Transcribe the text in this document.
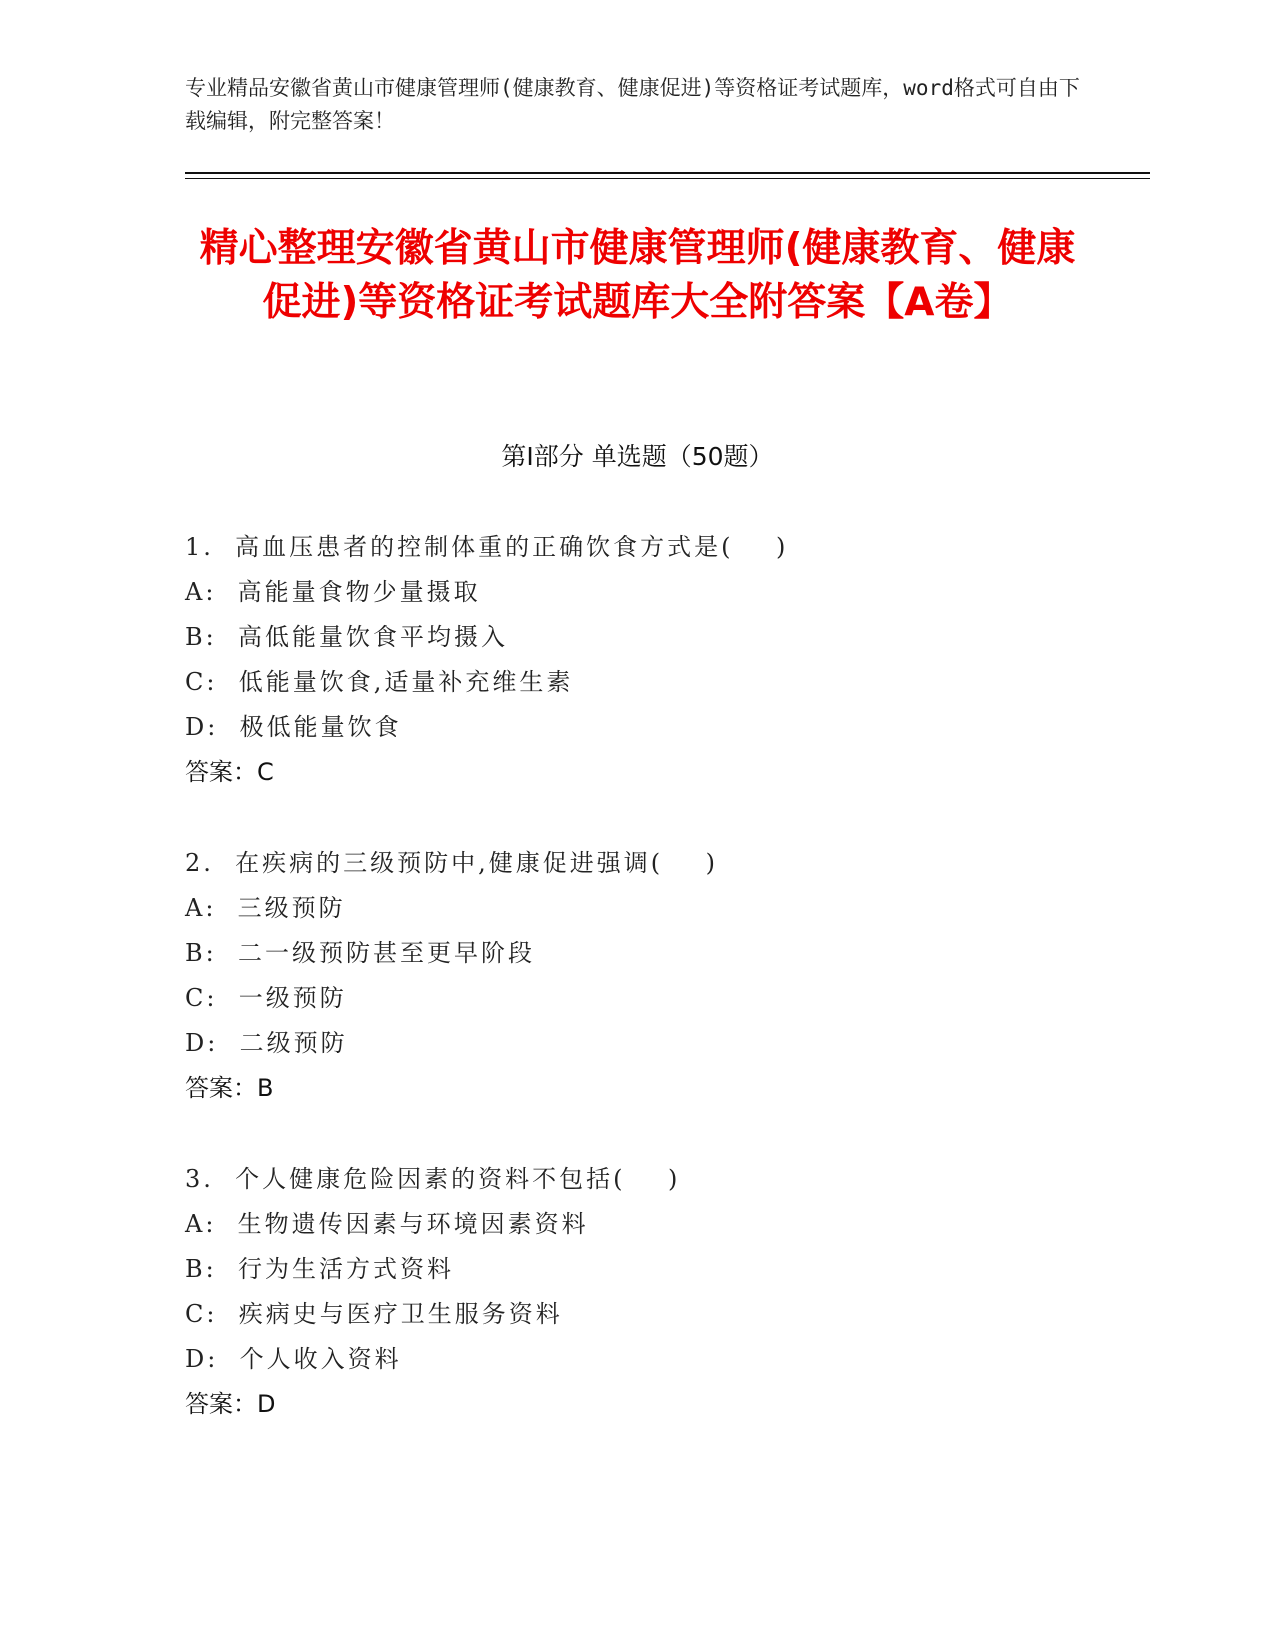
专业精品安徽省黄山市健康管理师(健康教育、健康促进)等资格证考试题库，word格式可自由下载编辑，附完整答案！
精心整理安徽省黄山市健康管理师(健康教育、健康促进)等资格证考试题库大全附答案【A卷】
第Ⅰ部分 单选题（50题）
1.  高血压患者的控制体重的正确饮食方式是(    )
A:  高能量食物少量摄取
B:  高低能量饮食平均摄入
C:  低能量饮食,适量补充维生素
D:  极低能量饮食
答案：C
2.  在疾病的三级预防中,健康促进强调(    )
A:  三级预防
B:  二一级预防甚至更早阶段
C:  一级预防
D:  二级预防
答案：B
3.  个人健康危险因素的资料不包括(    )
A:  生物遗传因素与环境因素资料
B:  行为生活方式资料
C:  疾病史与医疗卫生服务资料
D:  个人收入资料
答案：D
